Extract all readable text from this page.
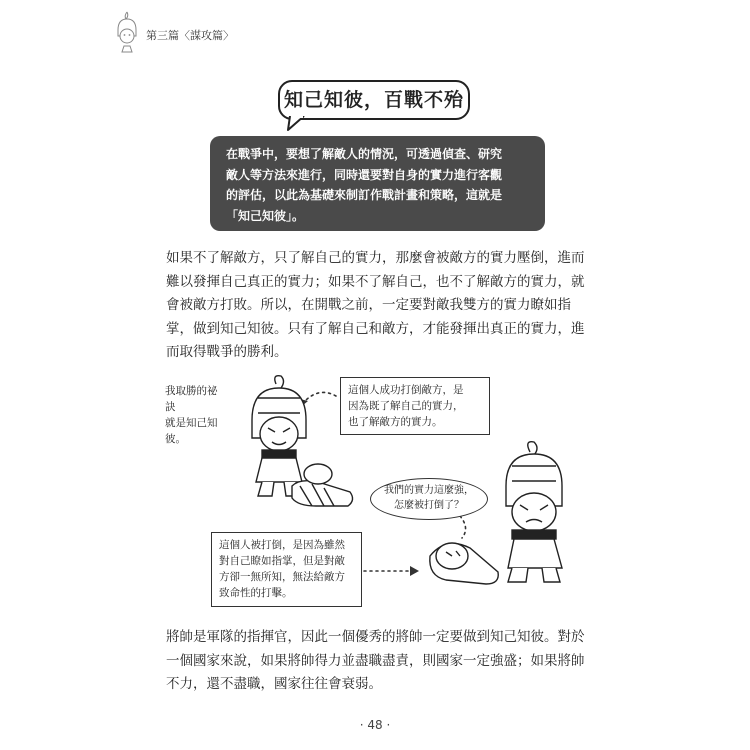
第三篇〈謀攻篇〉
知己知彼，百戰不殆
在戰爭中，要想了解敵人的情況，可透過偵查、研究
敵人等方法來進行，同時還要對自身的實力進行客觀
的評估，以此為基礎來制訂作戰計畫和策略，這就是
「知己知彼」。
如果不了解敵方，只了解自己的實力，那麼會被敵方的實力壓倒，進而
難以發揮自己真正的實力；如果不了解自己，也不了解敵方的實力，就
會被敵方打敗。所以，在開戰之前，一定要對敵我雙方的實力瞭如指
掌，做到知己知彼。只有了解自己和敵方，才能發揮出真正的實力，進
而取得戰爭的勝利。
我取勝的祕訣
就是知己知
彼。
這個人成功打倒敵方，是
因為既了解自己的實力，
也了解敵方的實力。
我們的實力這麼強，
怎麼被打倒了？
這個人被打倒，是因為雖然
對自己瞭如指掌，但是對敵
方卻一無所知，無法給敵方
致命性的打擊。
將帥是軍隊的指揮官，因此一個優秀的將帥一定要做到知己知彼。對於
一個國家來說，如果將帥得力並盡職盡責，則國家一定強盛；如果將帥
不力，還不盡職，國家往往會衰弱。
· 48 ·
